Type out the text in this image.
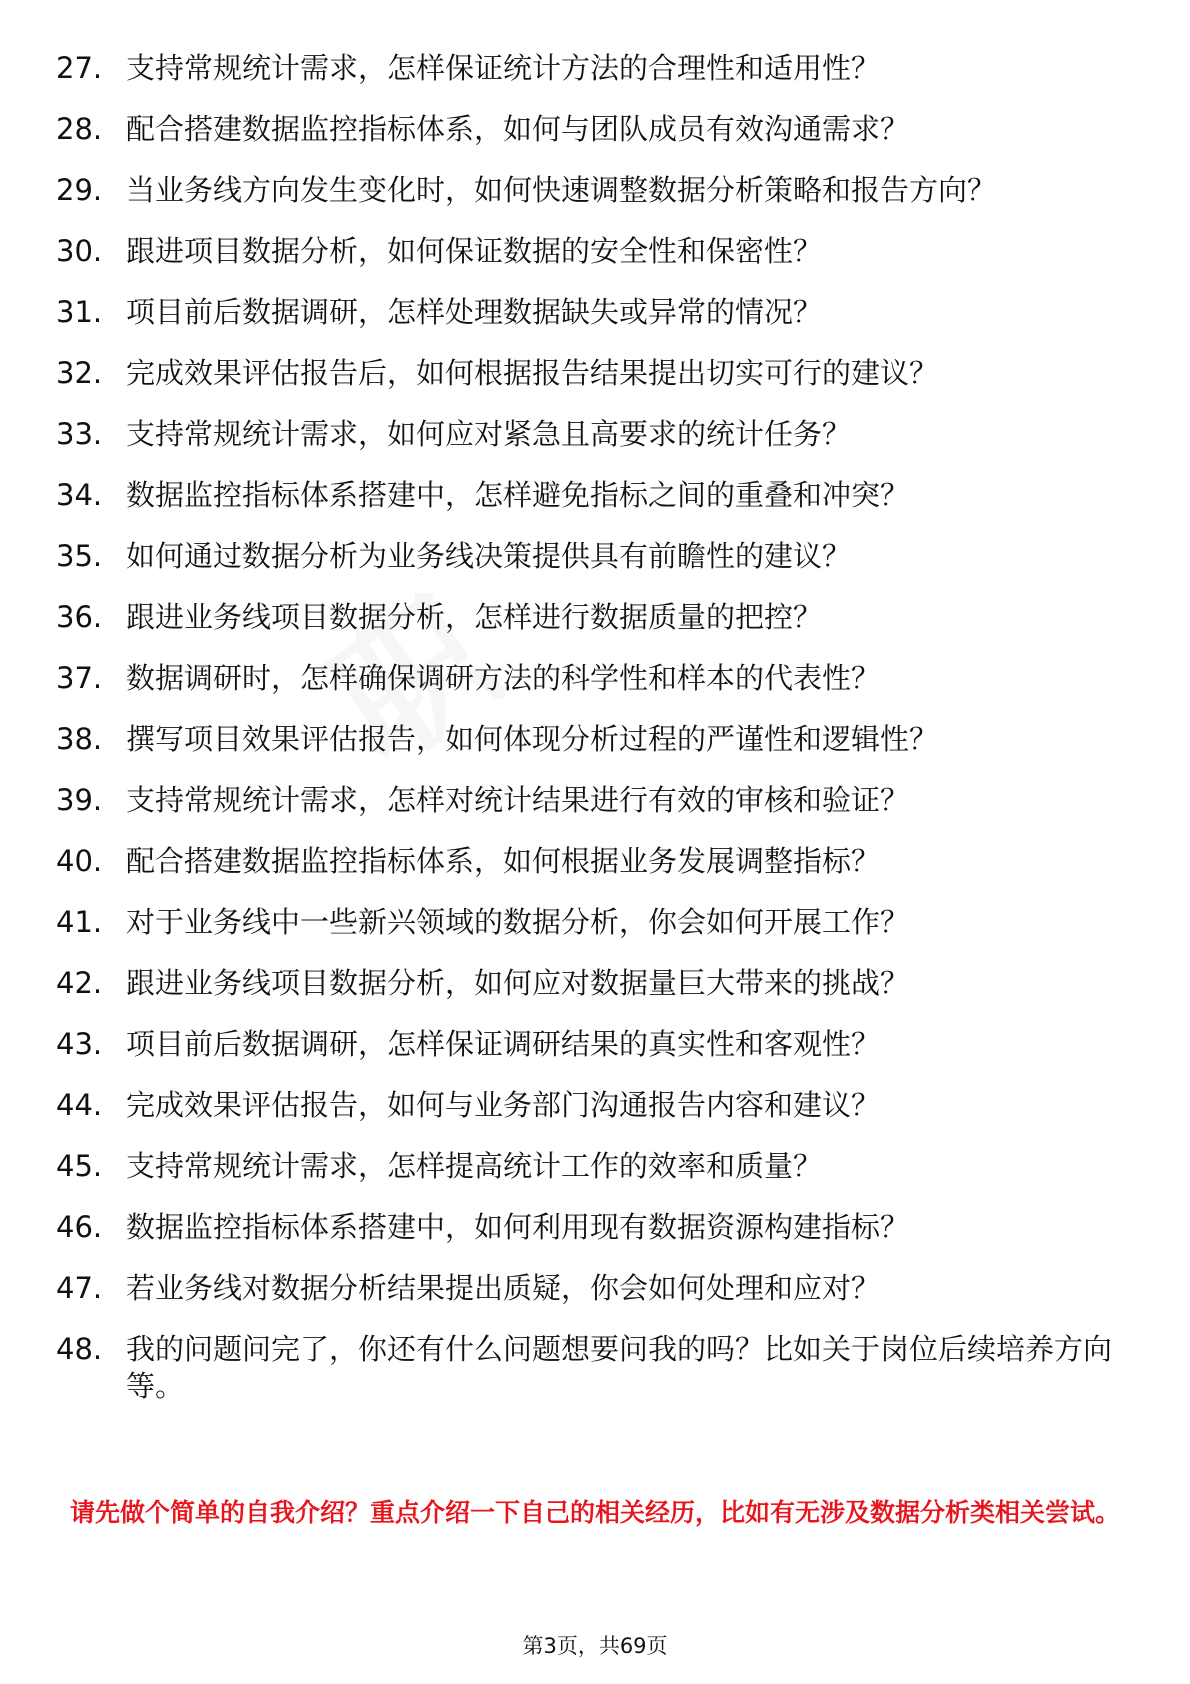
27. 支持常规统计需求，怎样保证统计方法的合理性和适用性？
28. 配合搭建数据监控指标体系，如何与团队成员有效沟通需求？
29. 当业务线方向发生变化时，如何快速调整数据分析策略和报告方向？
30. 跟进项目数据分析，如何保证数据的安全性和保密性？
31. 项目前后数据调研，怎样处理数据缺失或异常的情况？
32. 完成效果评估报告后，如何根据报告结果提出切实可行的建议？
33. 支持常规统计需求，如何应对紧急且高要求的统计任务？
34. 数据监控指标体系搭建中，怎样避免指标之间的重叠和冲突？
35. 如何通过数据分析为业务线决策提供具有前瞻性的建议？
36. 跟进业务线项目数据分析，怎样进行数据质量的把控？
37. 数据调研时，怎样确保调研方法的科学性和样本的代表性？
38. 撰写项目效果评估报告，如何体现分析过程的严谨性和逻辑性？
39. 支持常规统计需求，怎样对统计结果进行有效的审核和验证？
40. 配合搭建数据监控指标体系，如何根据业务发展调整指标？
41. 对于业务线中一些新兴领域的数据分析，你会如何开展工作？
42. 跟进业务线项目数据分析，如何应对数据量巨大带来的挑战？
43. 项目前后数据调研，怎样保证调研结果的真实性和客观性？
44. 完成效果评估报告，如何与业务部门沟通报告内容和建议？
45. 支持常规统计需求，怎样提高统计工作的效率和质量？
46. 数据监控指标体系搭建中，如何利用现有数据资源构建指标？
47. 若业务线对数据分析结果提出质疑，你会如何处理和应对？
48. 我的问题问完了，你还有什么问题想要问我的吗？比如关于岗位后续培养方向等。
请先做个简单的自我介绍？重点介绍一下自己的相关经历，比如有无涉及数据分析类相关尝试。
第3页，共69页
